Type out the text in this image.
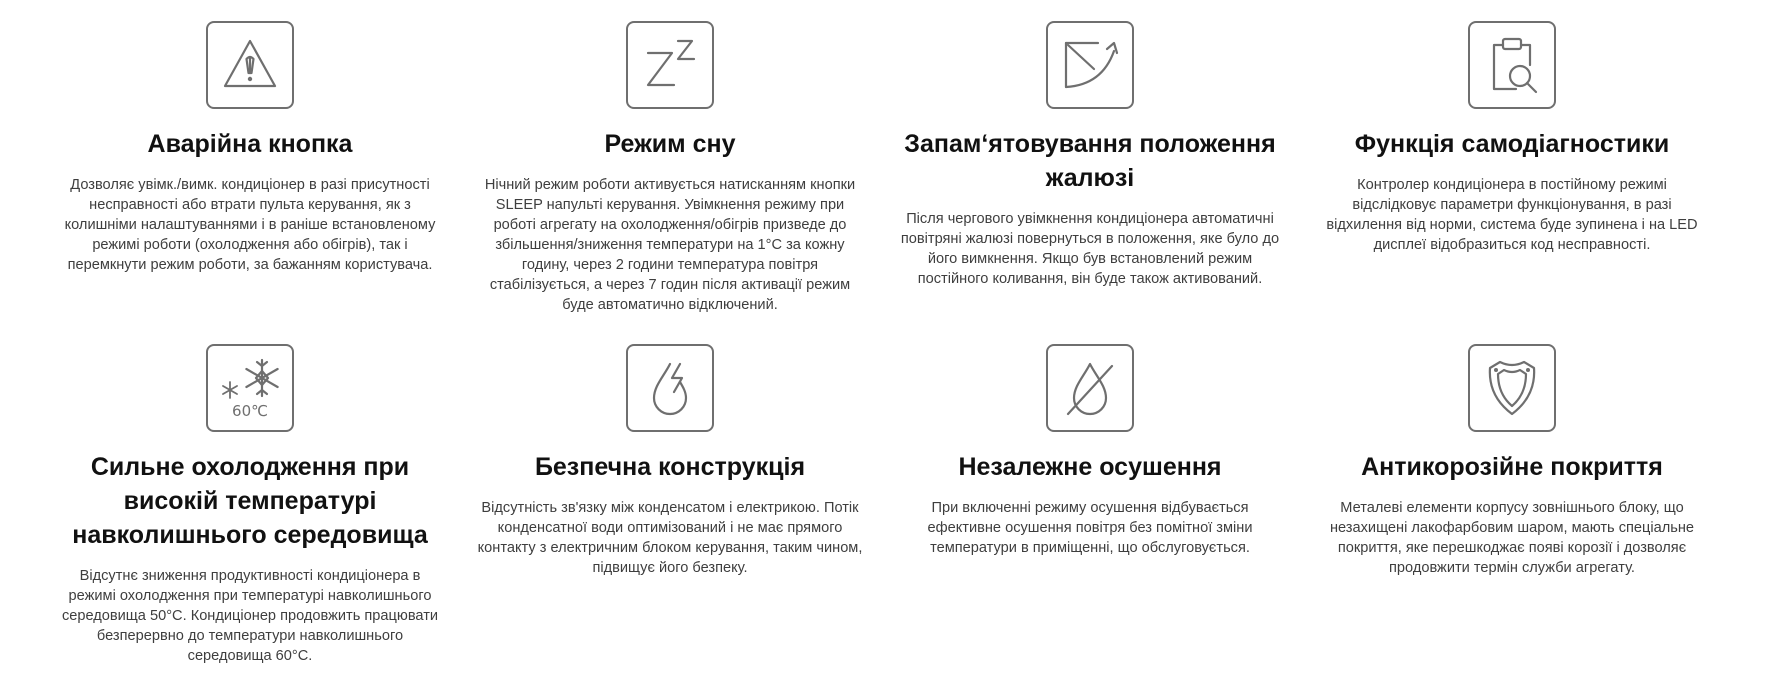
Аварійна кнопка
Дозволяє увімк./вимк. кондиціонер в разі присутності несправності або втрати пульта керування, як з колишніми налаштуваннями і в раніше встановленому режимі роботи (охолодження або обігрів), так і перемкнути режим роботи, за бажанням користувача.
Режим сну
Нічний режим роботи активується натисканням кнопки SLEEP напульті керування. Увімкнення режиму при роботі агрегату на охолодження/обігрів призведе до збільшення/зниження температури на 1°С за кожну годину, через 2 години температура повітря стабілізується, а через 7 годин після активації режим буде автоматично відключений.
Запам‘ятовування положення жалюзі
Після чергового увімкнення кондиціонера автоматичні повітряні жалюзі повернуться в положення, яке було до його вимкнення. Якщо був встановлений режим постійного коливання, він буде також активований.
Функція самодіагностики
Контролер кондиціонера в постійному режимі відслідковує параметри функціонування, в разі відхилення від норми, система буде зупинена і на LED дисплеї відобразиться код несправності.
60℃
Сильне охолодження при високій температурі навколишнього середовища
Відсутнє зниження продуктивності кондиціонера в режимі охолодження при температурі навколишнього середовища 50°С. Кондиціонер продовжить працювати безперервно до температури навколишнього середовища 60°С.
Безпечна конструкція
Відсутність зв'язку між конденсатом і електрикою. Потік конденсатної води оптимізований і не має прямого контакту з електричним блоком керування, таким чином, підвищує його безпеку.
Незалежне осушення
При включенні режиму осушення відбувається ефективне осушення повітря без помітної зміни температури в приміщенні, що обслуговується.
Антикорозійне покриття
Металеві елементи корпусу зовнішнього блоку, що незахищені лакофарбовим шаром, мають спеціальне покриття, яке перешкоджає появі корозії і дозволяє продовжити термін служби агрегату.
